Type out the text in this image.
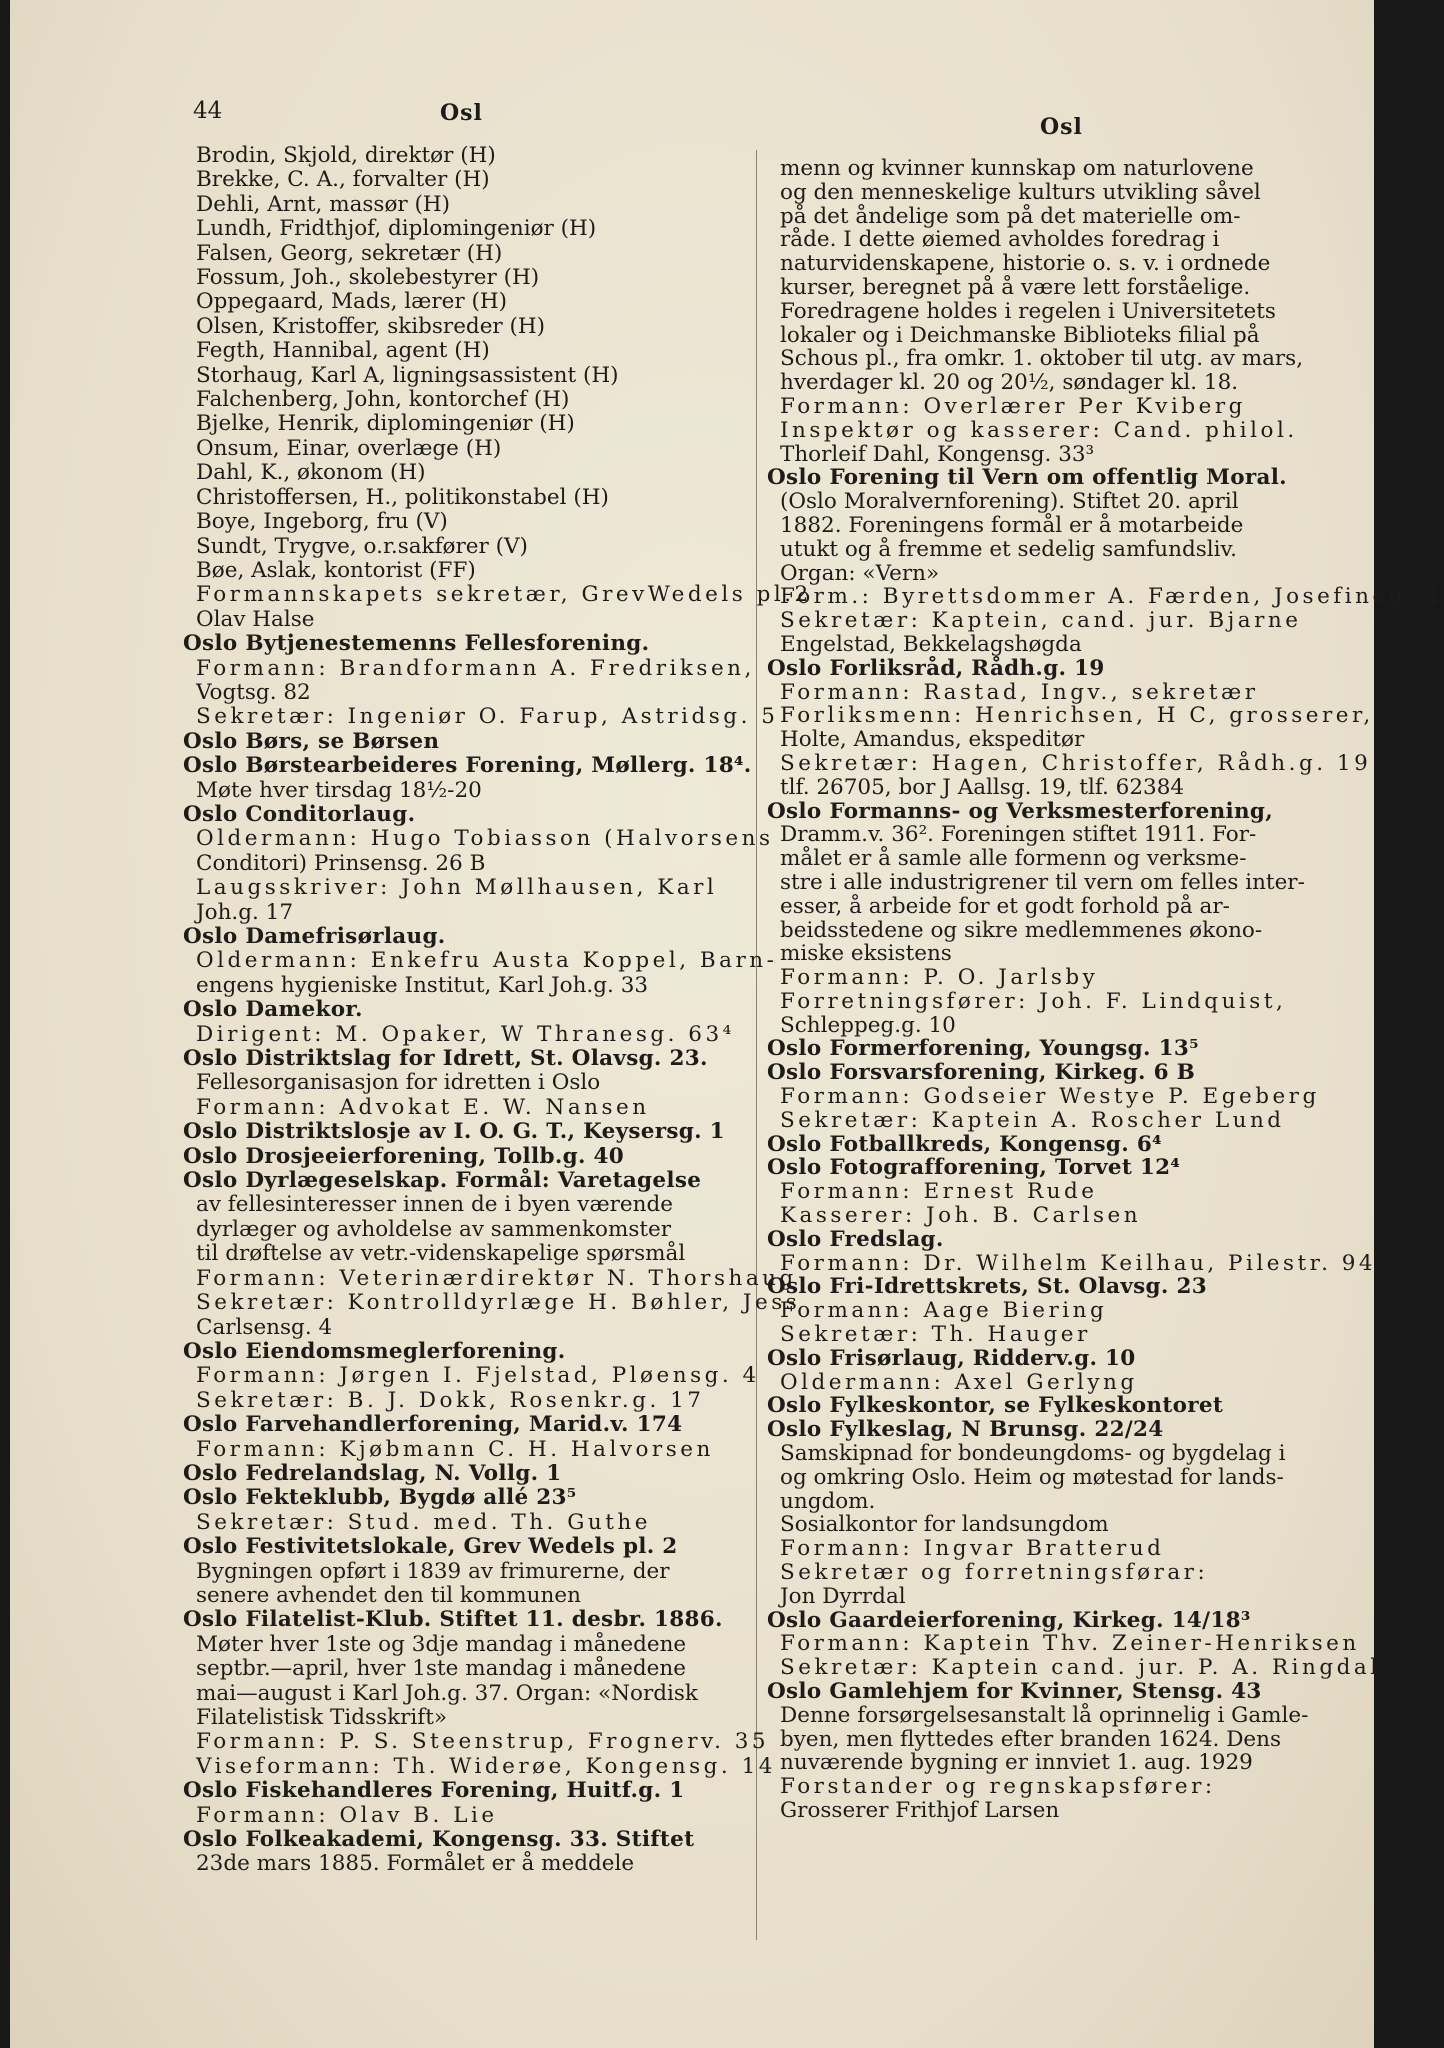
44	Osl
Osl
Brodin, Skjold, direktør (H)
Brekke, C. A., forvalter (H)
Dehli, Arnt, massør (H)
Lundh, Fridthjof, diplomingeniør (H)
Falsen, Georg, sekretær (H)
Fossum, Joh., skolebestyrer (H)
Oppegaard, Mads, lærer (H)
Olsen, Kristoffer, skibsreder (H)
Fegth, Hannibal, agent (H)
Storhaug, Karl A, ligningsassistent (H)
Falchenberg, John, kontorchef (H)
Bjelke, Henrik, diplomingeniør (H)
Onsum, Einar, overlæge (H)
Dahl, K., økonom (H)
Christoffersen, H., politikonstabel (H)
Boye, Ingeborg, fru (V)
Sundt, Trygve, o.r.sakfører (V)
Bøe, Aslak, kontorist (FF)
Formannskapets sekretær, GrevWedels pl.2
Olav Halse
Oslo Bytjenestemenns Fellesforening.
Formann: Brandformann A. Fredriksen,
Vogtsg. 82
Sekretær: Ingeniør O. Farup, Astridsg. 5
Oslo Børs, se Børsen
Oslo Børstearbeideres Forening, Møllerg. 18⁴.
Møte hver tirsdag 18½-20
Oslo Conditorlaug.
Oldermann: Hugo Tobiasson (Halvorsens
Conditori) Prinsensg. 26 B
Laugsskriver: John Møllhausen, Karl
Joh.g. 17
Oslo Damefrisørlaug.
Oldermann: Enkefru Austa Koppel, Barn-
engens hygieniske Institut, Karl Joh.g. 33
Oslo Damekor.
Dirigent: M. Opaker, W Thranesg. 63⁴
Oslo Distriktslag for Idrett, St. Olavsg. 23.
Fellesorganisasjon for idretten i Oslo
Formann: Advokat E. W. Nansen
Oslo Distriktslosje av I. O. G. T., Keysersg. 1
Oslo Drosjeeierforening, Tollb.g. 40
Oslo Dyrlægeselskap. Formål: Varetagelse
av fellesinteresser innen de i byen værende
dyrlæger og avholdelse av sammenkomster
til drøftelse av vetr.-videnskapelige spørsmål
Formann: Veterinærdirektør N. Thorshaug
Sekretær: Kontrolldyrlæge H. Bøhler, Jess
Carlsensg. 4
Oslo Eiendomsmeglerforening.
Formann: Jørgen I. Fjelstad, Pløensg. 4
Sekretær: B. J. Dokk, Rosenkr.g. 17
Oslo Farvehandlerforening, Marid.v. 174
Formann: Kjøbmann C. H. Halvorsen
Oslo Fedrelandslag, N. Vollg. 1
Oslo Fekteklubb, Bygdø allé 23⁵
Sekretær: Stud. med. Th. Guthe
Oslo Festivitetslokale, Grev Wedels pl. 2
Bygningen opført i 1839 av frimurerne, der
senere avhendet den til kommunen
Oslo Filatelist-Klub. Stiftet 11. desbr. 1886.
Møter hver 1ste og 3dje mandag i månedene
septbr.—april, hver 1ste mandag i månedene
mai—august i Karl Joh.g. 37. Organ: «Nordisk
Filatelistisk Tidsskrift»
Formann: P. S. Steenstrup, Frognerv. 35
Viseformann: Th. Widerøe, Kongensg. 14
Oslo Fiskehandleres Forening, Huitf.g. 1
Formann: Olav B. Lie
Oslo Folkeakademi, Kongensg. 33. Stiftet
23de mars 1885. Formålet er å meddele
menn og kvinner kunnskap om naturlovene
og den menneskelige kulturs utvikling såvel
på det åndelige som på det materielle om-
råde. I dette øiemed avholdes foredrag i
naturvidenskapene, historie o. s. v. i ordnede
kurser, beregnet på å være lett forståelige.
Foredragene holdes i regelen i Universitetets
lokaler og i Deichmanske Biblioteks filial på
Schous pl., fra omkr. 1. oktober til utg. av mars,
hverdager kl. 20 og 20½, søndager kl. 18.
Formann: Overlærer Per Kviberg
Inspektør og kasserer: Cand. philol.
Thorleif Dahl, Kongensg. 33³
Oslo Forening til Vern om offentlig Moral.
(Oslo Moralvernforening). Stiftet 20. april
1882. Foreningens formål er å motarbeide
utukt og å fremme et sedelig samfundsliv.
Organ: «Vern»
Form.: Byrettsdommer A. Færden, Josefineg. 1
Sekretær: Kaptein, cand. jur. Bjarne
Engelstad, Bekkelagshøgda
Oslo Forliksråd, Rådh.g. 19
Formann: Rastad, Ingv., sekretær
Forliksmenn: Henrichsen, H C, grosserer,
Holte, Amandus, ekspeditør
Sekretær: Hagen, Christoffer, Rådh.g. 19
tlf. 26705, bor J Aallsg. 19, tlf. 62384
Oslo Formanns- og Verksmesterforening,
Dramm.v. 36². Foreningen stiftet 1911. For-
målet er å samle alle formenn og verksme-
stre i alle industrigrener til vern om felles inter-
esser, å arbeide for et godt forhold på ar-
beidsstedene og sikre medlemmenes økono-
miske eksistens
Formann: P. O. Jarlsby
Forretningsfører: Joh. F. Lindquist,
Schleppeg.g. 10
Oslo Formerforening, Youngsg. 13⁵
Oslo Forsvarsforening, Kirkeg. 6 B
Formann: Godseier Westye P. Egeberg
Sekretær: Kaptein A. Roscher Lund
Oslo Fotballkreds, Kongensg. 6⁴
Oslo Fotografforening, Torvet 12⁴
Formann: Ernest Rude
Kasserer: Joh. B. Carlsen
Oslo Fredslag.
Formann: Dr. Wilhelm Keilhau, Pilestr. 94
Oslo Fri-Idrettskrets, St. Olavsg. 23
Formann: Aage Biering
Sekretær: Th. Hauger
Oslo Frisørlaug, Ridderv.g. 10
Oldermann: Axel Gerlyng
Oslo Fylkeskontor, se Fylkeskontoret
Oslo Fylkeslag, N Brunsg. 22/24
Samskipnad for bondeungdoms- og bygdelag i
og omkring Oslo. Heim og møtestad for lands-
ungdom.
Sosialkontor for landsungdom
Formann: Ingvar Bratterud
Sekretær og forretningsførar:
Jon Dyrrdal
Oslo Gaardeierforening, Kirkeg. 14/18³
Formann: Kaptein Thv. Zeiner-Henriksen
Sekretær: Kaptein cand. jur. P. A. Ringdal
Oslo Gamlehjem for Kvinner, Stensg. 43
Denne forsørgelsesanstalt lå oprinnelig i Gamle-
byen, men flyttedes efter branden 1624. Dens
nuværende bygning er innviet 1. aug. 1929
Forstander og regnskapsfører:
Grosserer Frithjof Larsen
